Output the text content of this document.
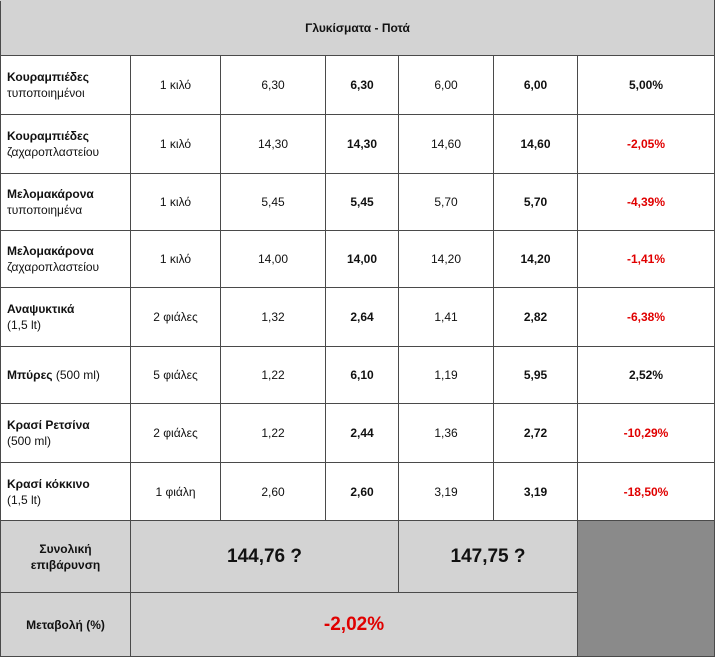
Γλυκίσματα - Ποτά						
Κουραμπιέδες
τυποποιημένοι	1 κιλό	6,30	6,30	6,00	6,00	5,00%
Κουραμπιέδες
ζαχαροπλαστείου	1 κιλό	14,30	14,30	14,60	14,60	-2,05%
Μελομακάρονα
τυποποιημένα	1 κιλό	5,45	5,45	5,70	5,70	-4,39%
Μελομακάρονα
ζαχαροπλαστείου	1 κιλό	14,00	14,00	14,20	14,20	-1,41%
Αναψυκτικά
(1,5 lt)	2 φιάλες	1,32	2,64	1,41	2,82	-6,38%
Μπύρες (500 ml)	5 φιάλες	1,22	6,10	1,19	5,95	2,52%
Κρασί Ρετσίνα
(500 ml)	2 φιάλες	1,22	2,44	1,36	2,72	-10,29%
Κρασί κόκκινο
(1,5 lt)	1 φιάλη	2,60	2,60	3,19	3,19	-18,50%
Συνολική
επιβάρυνση	144,76 ?			147,75 ?		
Μεταβολή (%)	-2,02%					
